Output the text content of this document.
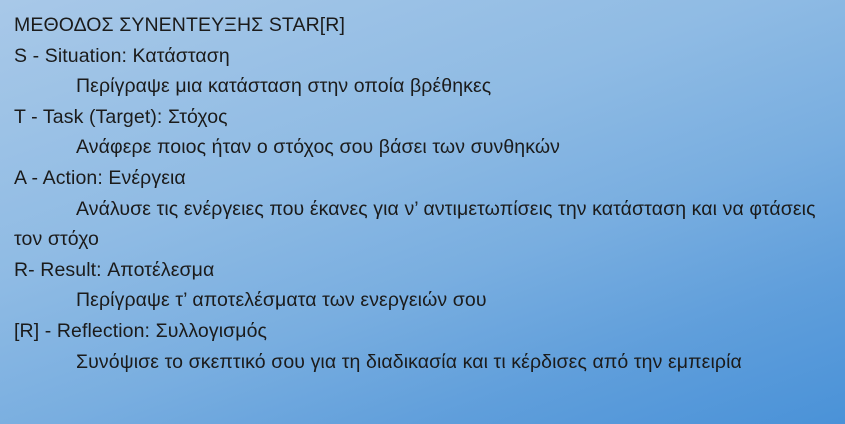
ΜΕΘΟΔΟΣ ΣΥΝΕΝΤΕΥΞΗΣ STAR[R]
S - Situation: Κατάσταση
Περίγραψε μια κατάσταση στην οποία βρέθηκες
T - Task (Target): Στόχος
Ανάφερε ποιος ήταν ο στόχος σου βάσει των συνθηκών
A - Action: Ενέργεια
Ανάλυσε τις ενέργειες που έκανες για ν’ αντιμετωπίσεις την κατάσταση και να φτάσεις τον στόχο
R- Result: Αποτέλεσμα
Περίγραψε τ’ αποτελέσματα των ενεργειών σου
[R] - Reflection: Συλλογισμός
Συνόψισε το σκεπτικό σου για τη διαδικασία και τι κέρδισες από την εμπειρία
